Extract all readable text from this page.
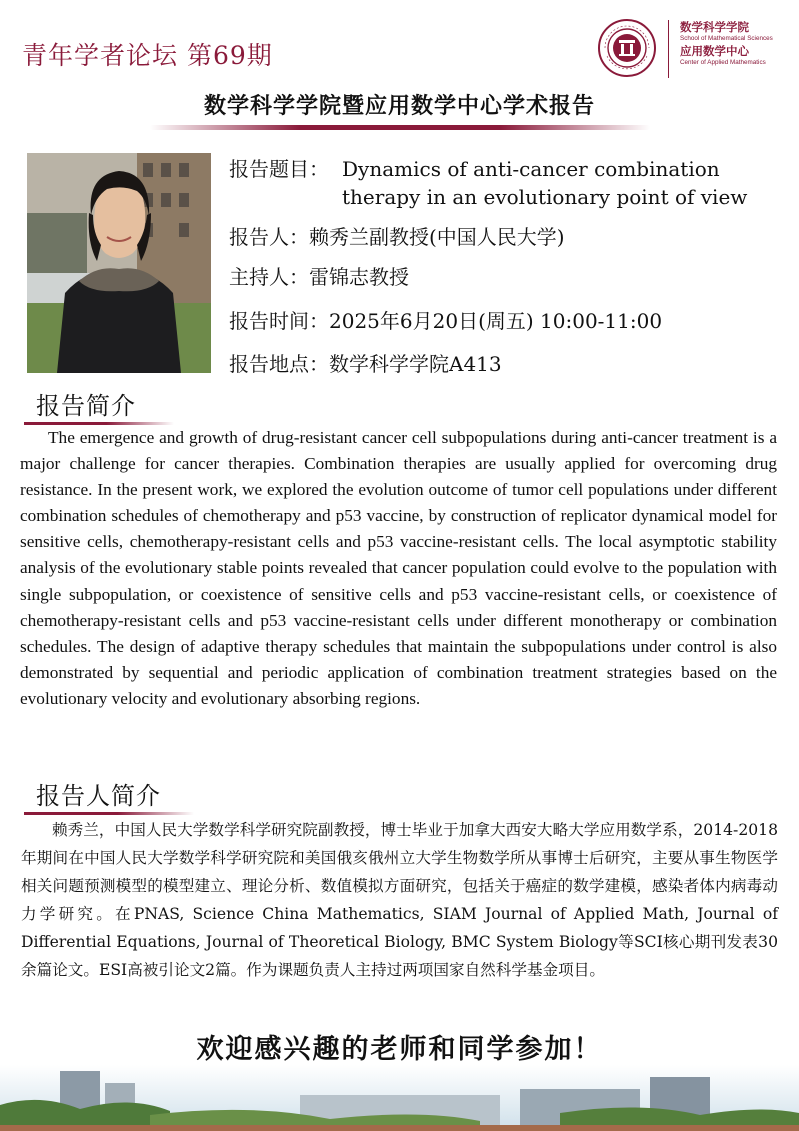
青年学者论坛 第69期
数学科学学院
School of Mathematical Sciences
应用数学中心
Center of Applied Mathematics
数学科学学院暨应用数学中心学术报告
报告题目： Dynamics of anti-cancer combination therapy in an evolutionary point of view
报告人：赖秀兰副教授(中国人民大学)
主持人：雷锦志教授
报告时间：2025年6月20日(周五) 10:00-11:00
报告地点：数学科学学院A413
报告简介
The emergence and growth of drug-resistant cancer cell subpopulations during anti-cancer treatment is a major challenge for cancer therapies. Combination therapies are usually applied for overcoming drug resistance. In the present work, we explored the evolution outcome of tumor cell populations under different combination schedules of chemotherapy and p53 vaccine, by construction of replicator dynamical model for sensitive cells, chemotherapy-resistant cells and p53 vaccine-resistant cells. The local asymptotic stability analysis of the evolutionary stable points revealed that cancer population could evolve to the population with single subpopulation, or coexistence of sensitive cells and p53 vaccine-resistant cells, or coexistence of chemotherapy-resistant cells and p53 vaccine-resistant cells under different monotherapy or combination schedules. The design of adaptive therapy schedules that maintain the subpopulations under control is also demonstrated by sequential and periodic application of combination treatment strategies based on the evolutionary velocity and evolutionary absorbing regions.
报告人简介
赖秀兰，中国人民大学数学科学研究院副教授，博士毕业于加拿大西安大略大学应用数学系，2014-2018年期间在中国人民大学数学科学研究院和美国俄亥俄州立大学生物数学所从事博士后研究，主要从事生物医学相关问题预测模型的模型建立、理论分析、数值模拟方面研究，包括关于癌症的数学建模，感染者体内病毒动力学研究。在PNAS, Science China Mathematics, SIAM Journal of Applied Math, Journal of Differential Equations, Journal of Theoretical Biology, BMC System Biology等SCI核心期刊发表30余篇论文。ESI高被引论文2篇。作为课题负责人主持过两项国家自然科学基金项目。
欢迎感兴趣的老师和同学参加！
